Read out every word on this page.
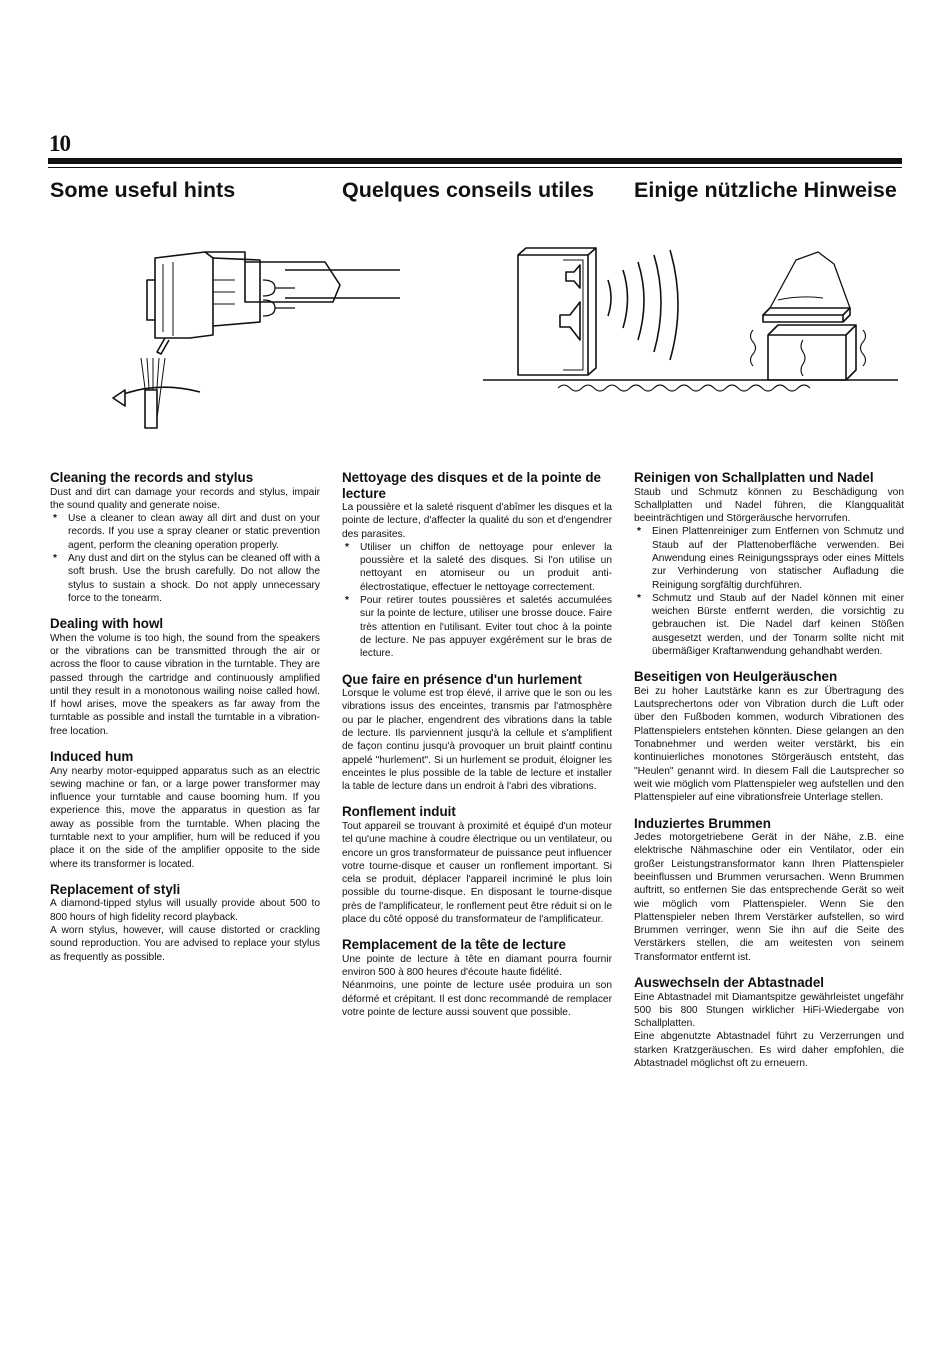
10
Some useful hints	Quelques conseils utiles Einige nützliche Hinweise
Cleaning the records and stylus

Dust and dirt can damage your records and stylus, impair the sound quality and generate noise.

* Use a cleaner to clean away all dirt and dust on your records. If you use a spray cleaner or static prevention agent, perform the cleaning operation properly.
* Any dust and dirt on the stylus can be cleaned off with a soft brush. Use the brush carefully. Do not allow the stylus to sustain a shock. Do not apply unnecessary force to the tonearm.
Dealing with howl

When the volume is too high, the sound from the speakers or the vibrations can be transmitted through the air or across the floor to cause vibration in the turntable. They are passed through the cartridge and continuously amplified until they result in a monotonous wailing noise called howl. If howl arises, move the speakers as far away from the turntable as possible and install the turntable in a vibration-free location.

Induced hum

Any nearby motor-equipped apparatus such as an electric sewing machine or fan, or a large power transformer may influence your turntable and cause booming hum. If you experience this, move the apparatus in question as far away as possible from the turntable. When placing the turntable next to your amplifier, hum will be reduced if you place it on the side of the amplifier opposite to the side where its transformer is located.

Replacement of styli

A diamond-tipped stylus will usually provide about 500 to 800 hours of high fidelity record playback.

A worn stylus, however, will cause distorted or crackling sound reproduction. You are advised to replace your stylus as frequently as possible.

Nettoyage des disques et de la pointe de lecture

La poussière et la saleté risquent d'abîmer les disques et la pointe de lecture, d'affecter la qualité du son et d'engendrer des parasites.

* Utiliser un chiffon de nettoyage pour enlever la poussière et la saleté des disques. Si l'on utilise un nettoyant en atomiseur ou un produit anti-électrostatique, effectuer le nettoyage correctement.
* Pour retirer toutes poussières et saletés accumulées sur la pointe de lecture, utiliser une brosse douce. Faire très attention en l'utilisant. Eviter tout choc à la pointe de lecture. Ne pas appuyer exgérément sur le bras de lecture.
Que faire en présence d'un hurlement

Lorsque le volume est trop élevé, il arrive que le son ou les vibrations issus des enceintes, transmis par l'atmosphère ou par le placher, engendrent des vibrations dans la table de lecture. Ils parviennent jusqu'à la cellule et s'amplifient de façon continu jusqu'à provoquer un bruit plaintf continu appelé "hurlement". Si un hurlement se produit, éloigner les enceintes le plus possible de la table de lecture et installer la table de lecture dans un endroit à l'abri des vibrations.

Ronflement induit

Tout appareil se trouvant à proximité et équipé d'un moteur tel qu'une machine à coudre électrique ou un ventilateur, ou encore un gros transformateur de puissance peut influencer votre tourne-disque et causer un ronflement important. Si cela se produit, déplacer l'appareil incriminé le plus loin possible du tourne-disque. En disposant le tourne-disque près de l'amplificateur, le ronflement peut être réduit si on le place du côté opposé du transformateur de l'amplificateur.

Remplacement de la tête de lecture

Une pointe de lecture à tête en diamant pourra fournir environ 500 à 800 heures d'écoute haute fidélité.

Néanmoins, une pointe de lecture usée produira un son déformé et crépitant. Il est donc recommandé de remplacer votre pointe de lecture aussi souvent que possible.

Reinigen von Schallplatten und Nadel

Staub und Schmutz können zu Beschädigung von Schallplatten und Nadel führen, die Klangqualität beeinträchtigen und Störgeräusche hervorrufen.

* Einen Plattenreiniger zum Entfernen von Schmutz und Staub auf der Plattenoberfläche verwenden. Bei Anwendung eines Reinigungssprays oder eines Mittels zur Verhinderung von statischer Aufladung die Reinigung sorgfältig durchführen.
* Schmutz und Staub auf der Nadel können mit einer weichen Bürste entfernt werden, die vorsichtig zu gebrauchen ist. Die Nadel darf keinen Stößen ausgesetzt werden, und der Tonarm sollte nicht mit übermäßiger Kraftanwendung gehandhabt werden.
Beseitigen von Heulgeräuschen

Bei zu hoher Lautstärke kann es zur Übertragung des Lautsprechertons oder von Vibration durch die Luft oder über den Fußboden kommen, wodurch Vibrationen des Plattenspielers entstehen könnten. Diese gelangen an den Tonabnehmer und werden weiter verstärkt, bis ein kontinuierliches monotones Störgeräusch entsteht, das "Heulen" genannt wird. In diesem Fall die Lautsprecher so weit wie möglich vom Plattenspieler weg aufstellen und den Plattenspieler auf eine vibrationsfreie Unterlage stellen.

Induziertes Brummen

Jedes motorgetriebene Gerät in der Nähe, z.B. eine elektrische Nähmaschine oder ein Ventilator, oder ein großer Leistungstransformator kann Ihren Plattenspieler beeinflussen und Brummen verursachen. Wenn Brummen auftritt, so entfernen Sie das entsprechende Gerät so weit wie möglich vom Plattenspieler. Wenn Sie den Plattenspieler neben Ihrem Verstärker aufstellen, so wird Brummen verringer, wenn Sie ihn auf die Seite des Verstärkers stellen, die am weitesten von seinem Transformator entfernt ist.

Auswechseln der Abtastnadel

Eine Abtastnadel mit Diamantspitze gewährleistet ungefähr 500 bis 800 Stungen wirklicher HiFi-Wiedergabe von Schallplatten.

Eine abgenutzte Abtastnadel führt zu Verzerrungen und starken Kratzgeräuschen. Es wird daher empfohlen, die Abtastnadel möglichst oft zu erneuern.
